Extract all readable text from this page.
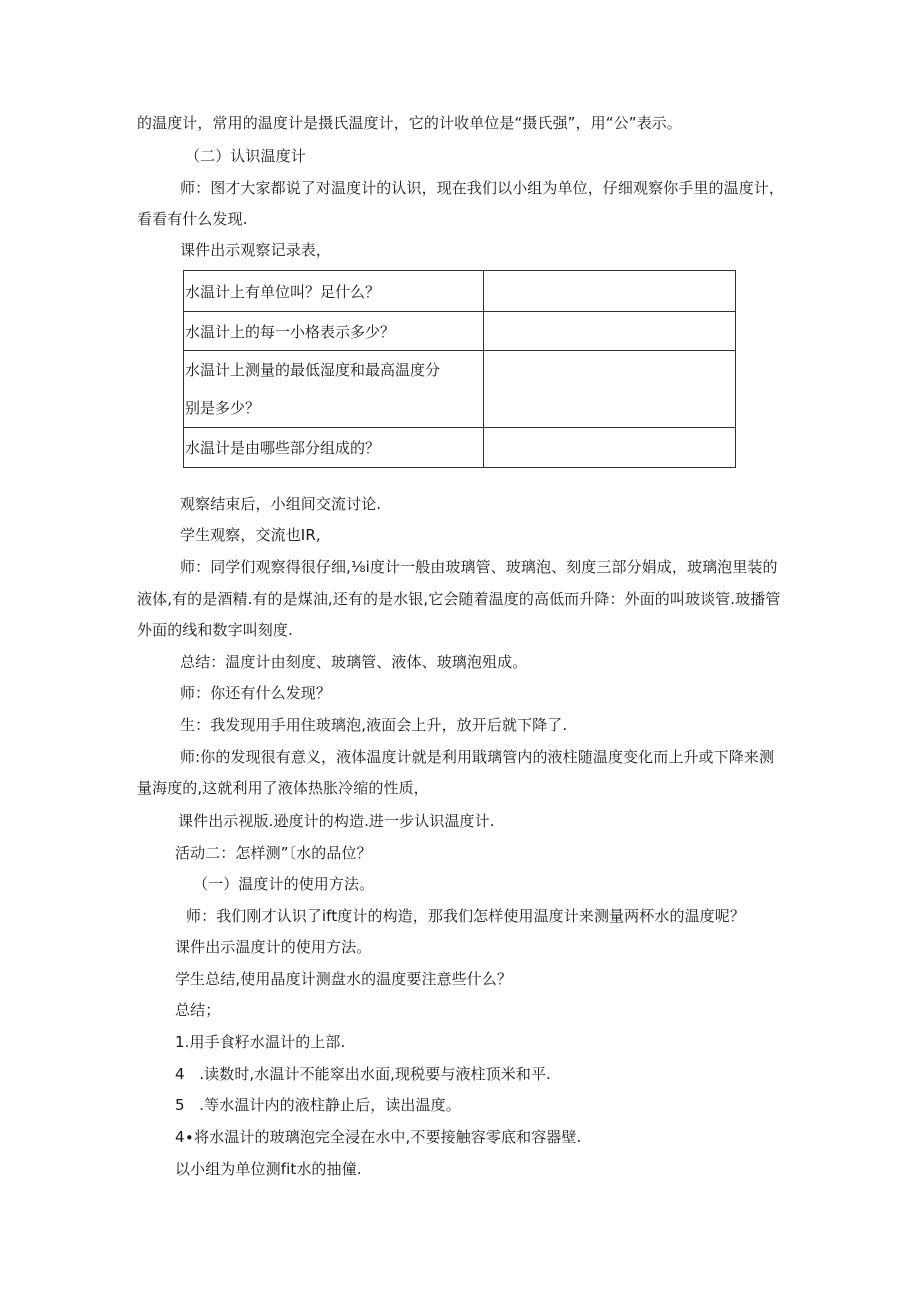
的温度计，常用的温度计是摄氏温度计，它的计收单位是“摄氏强”，用“公”表示。
（二）认识温度计
师：图才大家都说了对温度计的认识，现在我们以小组为单位，仔细观察你手里的温度计，
看看有什么发现.
课件出示观察记录表，
水温计上有单位叫？足什么？	
水温计上的每一小格表示多少？	

水温计上测量的最低湿度和最高温度分
别是多少？	

水温计是由哪些部分组成的？	
观察结束后，小组间交流讨论.
学生观察，交流也IR,
师：同学们观察得很仔细,⅛i度计一般由玻璃管、玻璃泡、刻度三部分娟成，玻璃泡里装的
液体,有的是酒精.有的是煤油,还有的是水银,它会随着温度的高低而升降：外面的叫玻谈管.玻播管
外面的线和数字叫刻度.
总结：温度计由刻度、玻璃管、液体、玻璃泡殂成。
师：你还有什么发现？
生：我发现用手用住玻璃泡,液面会上升，放开后就下降了.
师:你的发现很有意义，液体温度计就是利用戢璃管内的液柱随温度变化而上升或下降来测
量海度的,这就利用了液体热胀冷缩的性质，
课件出示视版.逊度计的构造.进一步认识温度计.
活动二：怎样测”〔水的品位？
（一）温度计的使用方法。
师：我们刚才认识了ift度计的构造，那我们怎样使用温度计来测量两杯水的温度呢？
课件出示温度计的使用方法。
学生总结,使用晶度计测盘水的温度要注意些什么？
总结；
1.用手食籽水温计的上部.
4   .读数时,水温计不能窣出水面,现税要与液柱顶米和平.
5   .等水温计内的液柱静止后，读出温度。
4∙将水温计的玻璃泡完全浸在水中,不要接触容零底和容器壁.
以小组为单位测fit水的抽僮.
